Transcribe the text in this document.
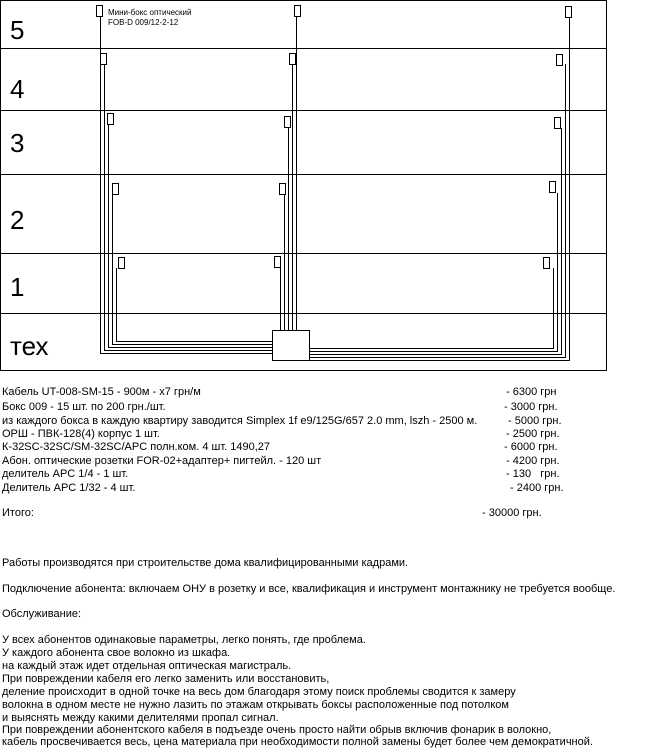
5
4
3
2
1
тех
Мини-бокс оптический
FOB-D 009/12-2-12
Кабель UT-008-SM-15 - 900м - х7 грн/м	- 6300 грн
Бокс 009 - 15 шт. по 200 грн./шт.	- 3000 грн.
из каждого бокса в каждую квартиру заводится Simplex 1f e9/125G/657 2.0 mm, lszh - 2500 м.	- 5000 грн.
ОРШ - ПВК-128(4) корпус 1 шт.	- 2500 грн.
К-32SC-32SC/SM-32SC/APC полн.ком. 4 шт. 1490,27	- 6000 грн.
Абон. оптические розетки FOR-02+адаптер+ пигтейл. - 120 шт	- 4200 грн.
делитель APC 1/4 - 1 шт.	- 130   грн.
Делитель APC 1/32 - 4 шт.	- 2400 грн.
Итого:	- 30000 грн.
Работы производятся при строительстве дома квалифицированными кадрами.
Подключение абонента: включаем ОНУ в розетку и все, квалификация и инструмент монтажнику не требуется вообще.
Обслуживание:
У всех абонентов одинаковые параметры, легко понять, где проблема.
У каждого абонента свое волокно из шкафа.
на каждый этаж идет отдельная оптическая магистраль.
При повреждении кабеля его легко заменить или восстановить,
деление происходит в одной точке на весь дом благодаря этому поиск проблемы сводится к замеру
волокна в одном месте не нужно лазить по этажам открывать боксы расположенные под потолком
и выяснять между какими делителями пропал сигнал.
При повреждении абонентского кабеля в подъезде очень просто найти обрыв включив фонарик в волокно,
кабель просвечивается весь, цена материала при необходимости полной замены будет более чем демократичной.
